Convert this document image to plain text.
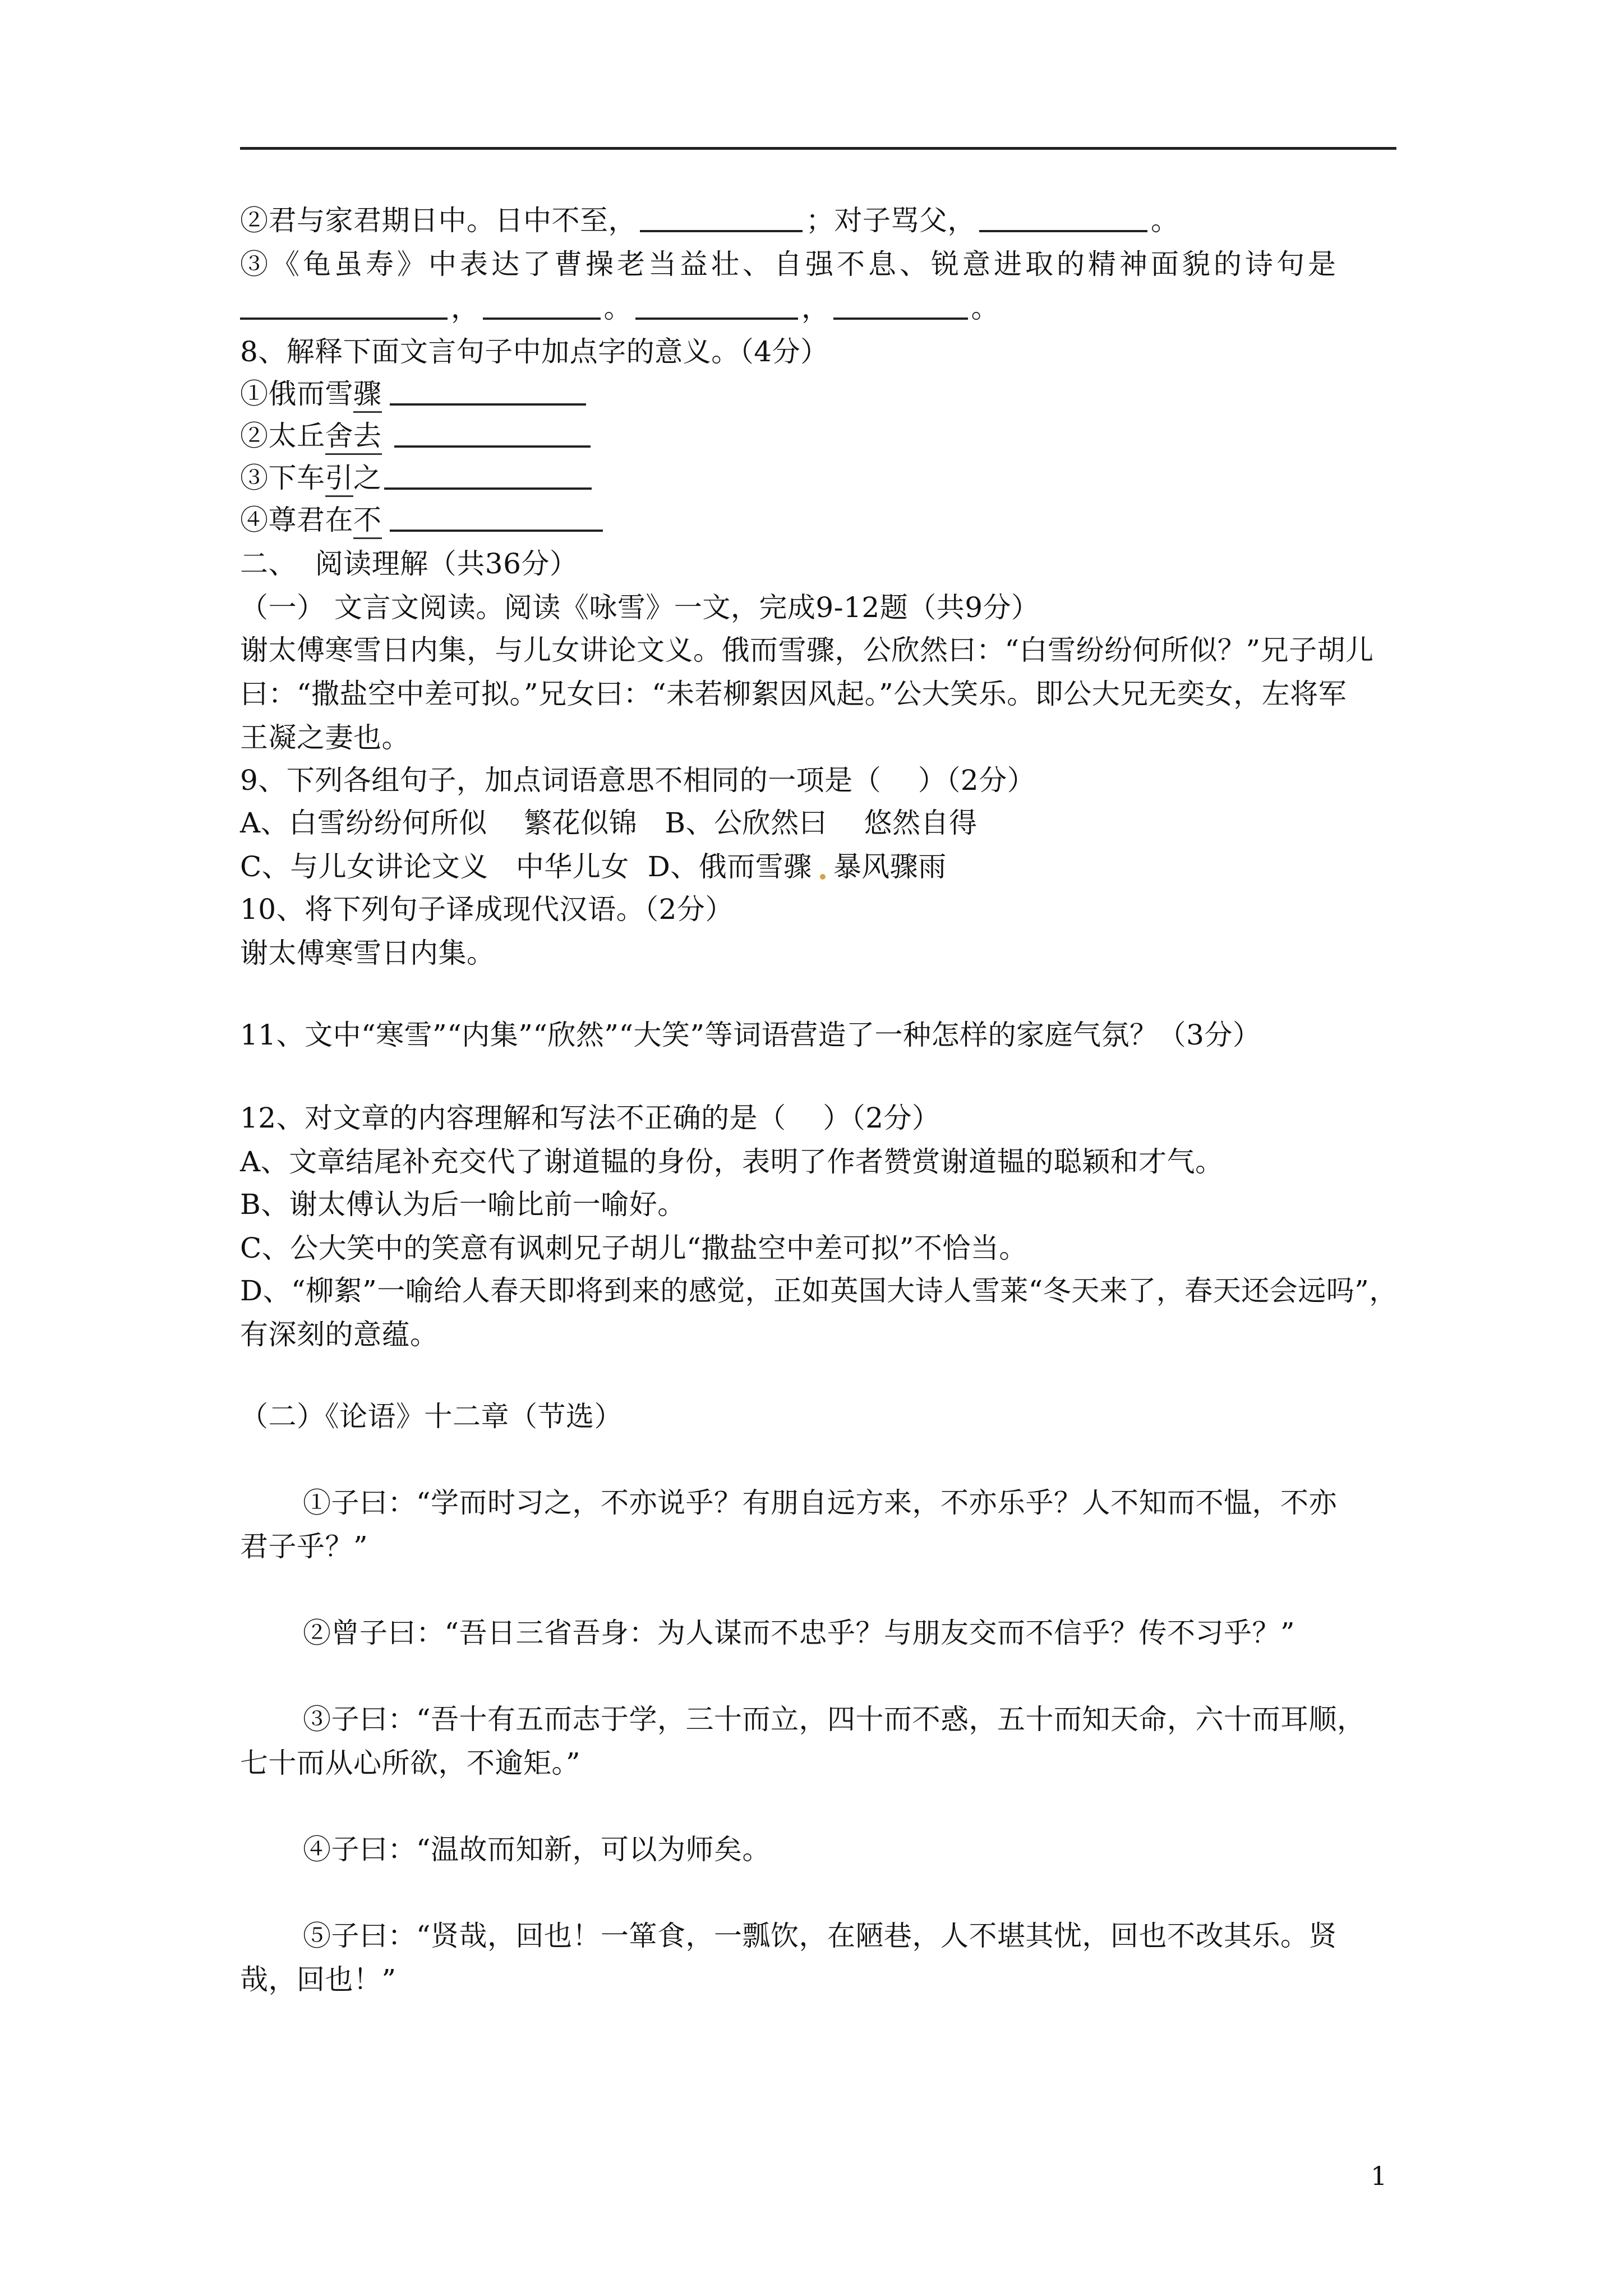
②君与家君期日中。日中不至，	；对子骂父，	。
③《龟虽寿》中表达了曹操老当益壮、自强不息、锐意进取的精神面貌的诗句是
，	。	，	。
8、解释下面文言句子中加点字的意义。（4分）
①俄而雪骤
②太丘舍去
③下车引之
④尊君在不
二、  阅读理解（共36分）
（一） 文言文阅读。阅读《咏雪》一文，完成9-12题（共9分）
谢太傅寒雪日内集，与儿女讲论文义。俄而雪骤，公欣然曰：“白雪纷纷何所似？”兄子胡儿
曰：“撒盐空中差可拟。”兄女曰：“未若柳絮因风起。”公大笑乐。即公大兄无奕女，左将军
王凝之妻也。
9、下列各组句子，加点词语意思不相同的一项是（    ）（2分）
A、白雪纷纷何所似    繁花似锦   B、公欣然曰    悠然自得
C、与儿女讲论文义   中华儿女  D、俄而雪骤 暴风骤雨
10、将下列句子译成现代汉语。（2分）
谢太傅寒雪日内集。
11、文中“寒雪”“内集”“欣然”“大笑”等词语营造了一种怎样的家庭气氛？（3分）
12、对文章的内容理解和写法不正确的是（    ）（2分）
A、文章结尾补充交代了谢道韫的身份，表明了作者赞赏谢道韫的聪颖和才气。
B、谢太傅认为后一喻比前一喻好。
C、公大笑中的笑意有讽刺兄子胡儿“撒盐空中差可拟”不恰当。
D、“柳絮”一喻给人春天即将到来的感觉，正如英国大诗人雪莱“冬天来了，春天还会远吗”，
有深刻的意蕴。
（二）《论语》十二章（节选）
①子曰：“学而时习之，不亦说乎？有朋自远方来，不亦乐乎？人不知而不愠，不亦
君子乎？”
②曾子曰：“吾日三省吾身：为人谋而不忠乎？与朋友交而不信乎？传不习乎？”
③子曰：“吾十有五而志于学，三十而立，四十而不惑，五十而知天命，六十而耳顺，
七十而从心所欲，不逾矩。”
④子曰：“温故而知新，可以为师矣。
⑤子曰：“贤哉，回也！一箪食，一瓢饮，在陋巷，人不堪其忧，回也不改其乐。贤
哉，回也！”
1
